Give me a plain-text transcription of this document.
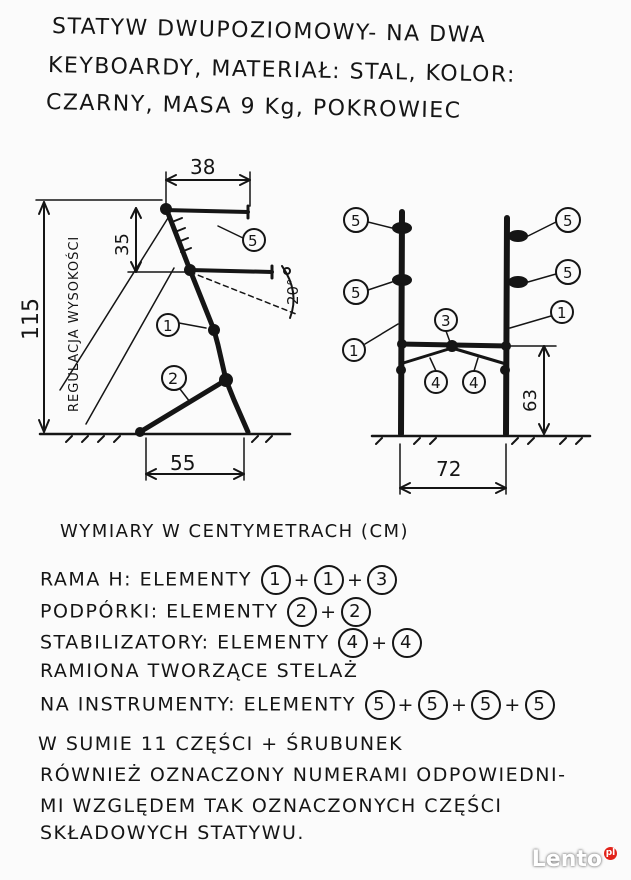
STATYW DWUPOZIOMOWY- NA DWA
KEYBOARDY, MATERIAŁ: STAL, KOLOR:
CZARNY, MASA 9 Kg, POKROWIEC
38
35
115 REGULACJA WYSOKOŚCI	20°
55
5
1
2
63
72
5
5
5
5
1
1
3
4 4
WYMIARY W CENTYMETRACH (CM)
RAMA H: ELEMENTY 1 + 1 + 3
PODPÓRKI: ELEMENTY 2 + 2
STABILIZATORY: ELEMENTY 4 + 4
RAMIONA TWORZĄCE STELAŻ
NA INSTRUMENTY: ELEMENTY 5 + 5 + 5 + 5
W SUMIE 11 CZĘŚCI + ŚRUBUNEK
RÓWNIEŻ OZNACZONY NUMERAMI ODPOWIEDNI-
MI WZGLĘDEM TAK OZNACZONYCH CZĘŚCI
SKŁADOWYCH STATYWU.
Lento pl
